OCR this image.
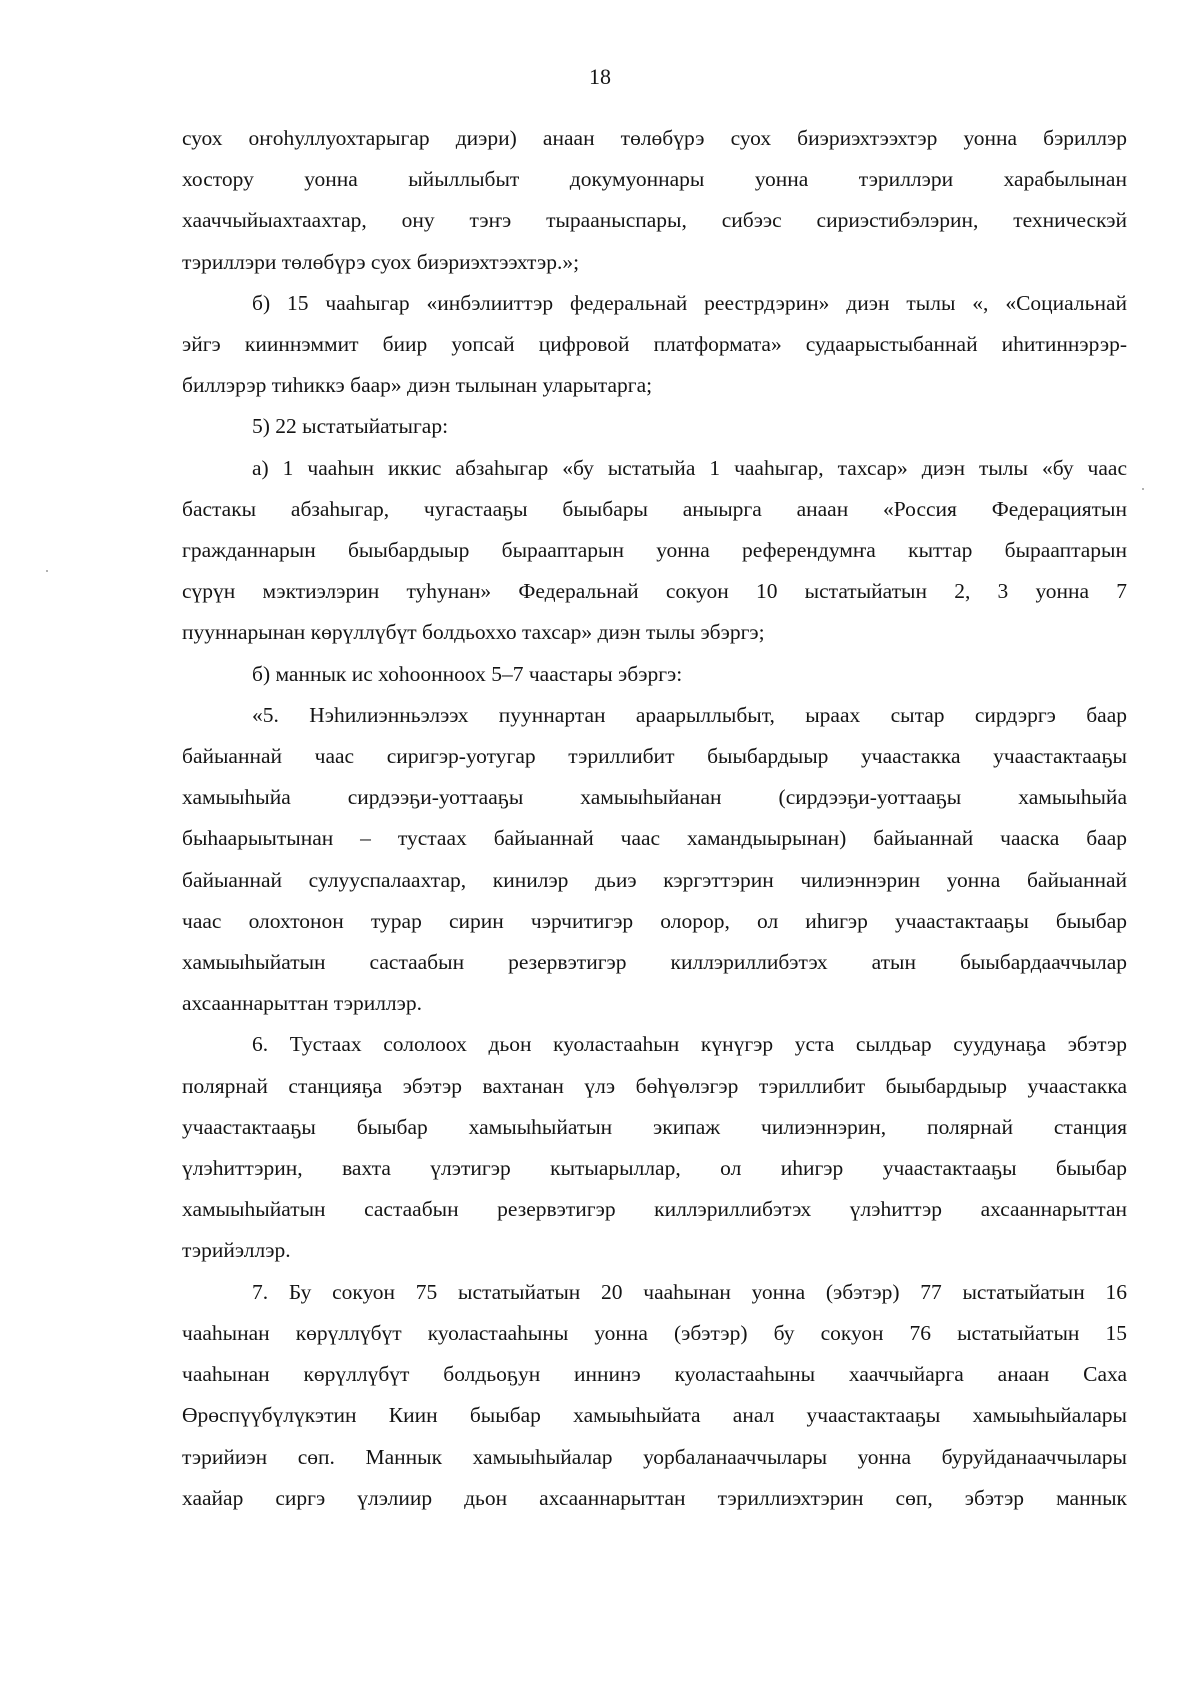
18

суох оҥоһуллуохтарыгар диэри) анаан төлөбүрэ суох биэриэхтээхтэр уонна бэриллэр

хостору уонна ыйыллыбыт докумуоннары уонна тэриллэри харабылынан

хааччыйыахтаахтар, ону тэҥэ тырааныспары, сибээс сириэстибэлэрин, техническэй

тэриллэри төлөбүрэ суох биэриэхтээхтэр.»;

б) 15 чааһыгар «инбэлииттэр федеральнай реестрдэрин» диэн тылы «, «Социальнай

эйгэ кииннэммит биир уопсай цифровой платформата» судаарыстыбаннай иһитиннэрэр-

биллэрэр тиһиккэ баар» диэн тылынан уларытарга;

5) 22 ыстатыйатыгар:

а) 1 чааһын иккис абзаһыгар «бу ыстатыйа 1 чааһыгар, тахсар» диэн тылы «бу чаас

бастакы абзаһыгар, чугастааҕы быыбары аныырга анаан «Россия Федерациятын

гражданнарын быыбардыыр бырааптарын уонна референдумҥа кыттар бырааптарын

сүрүн мэктиэлэрин туһунан» Федеральнай сокуон 10 ыстатыйатын 2, 3 уонна 7

пууннарынан көрүллүбүт болдьоххо тахсар» диэн тылы эбэргэ;

б) маннык ис хоһоонноох 5–7 чаастары эбэргэ:

«5. Нэһилиэнньэлээх пууннартан араарыллыбыт, ыраах сытар сирдэргэ баар

байыаннай чаас сиригэр-уотугар тэриллибит быыбардыыр учаастакка учаастактааҕы

хамыыһыйа сирдээҕи-уоттааҕы хамыыһыйанан (сирдээҕи-уоттааҕы хамыыһыйа

быһаарыытынан – тустаах байыаннай чаас хамандыырынан) байыаннай чааска баар

байыаннай сулууспалаахтар, кинилэр дьиэ кэргэттэрин чилиэннэрин уонна байыаннай

чаас олохтонон турар сирин чэрчитигэр олорор, ол иһигэр учаастактааҕы быыбар

хамыыһыйатын састаабын резервэтигэр киллэриллибэтэх атын быыбардааччылар

ахсааннарыттан тэриллэр.

6. Тустаах сололоох дьон куоластааһын күнүгэр уста сылдьар суудунаҕа эбэтэр

полярнай станцияҕа эбэтэр вахтанан үлэ бөһүөлэгэр тэриллибит быыбардыыр учаастакка

учаастактааҕы быыбар хамыыһыйатын экипаж чилиэннэрин, полярнай станция

үлэһиттэрин, вахта үлэтигэр кытыарыллар, ол иһигэр учаастактааҕы быыбар

хамыыһыйатын састаабын резервэтигэр киллэриллибэтэх үлэһиттэр ахсааннарыттан

тэрийэллэр.

7. Бу сокуон 75 ыстатыйатын 20 чааһынан уонна (эбэтэр) 77 ыстатыйатын 16

чааһынан көрүллүбүт куоластааһыны уонна (эбэтэр) бу сокуон 76 ыстатыйатын 15

чааһынан көрүллүбүт болдьоҕун иннинэ куоластааһыны хааччыйарга анаан Саха

Өрөспүүбүлүкэтин Киин быыбар хамыыһыйата анал учаастактааҕы хамыыһыйалары

тэрийиэн сөп. Маннык хамыыһыйалар уорбаланааччылары уонна буруйданааччылары

хаайар сиргэ үлэлиир дьон ахсааннарыттан тэриллиэхтэрин сөп, эбэтэр маннык
